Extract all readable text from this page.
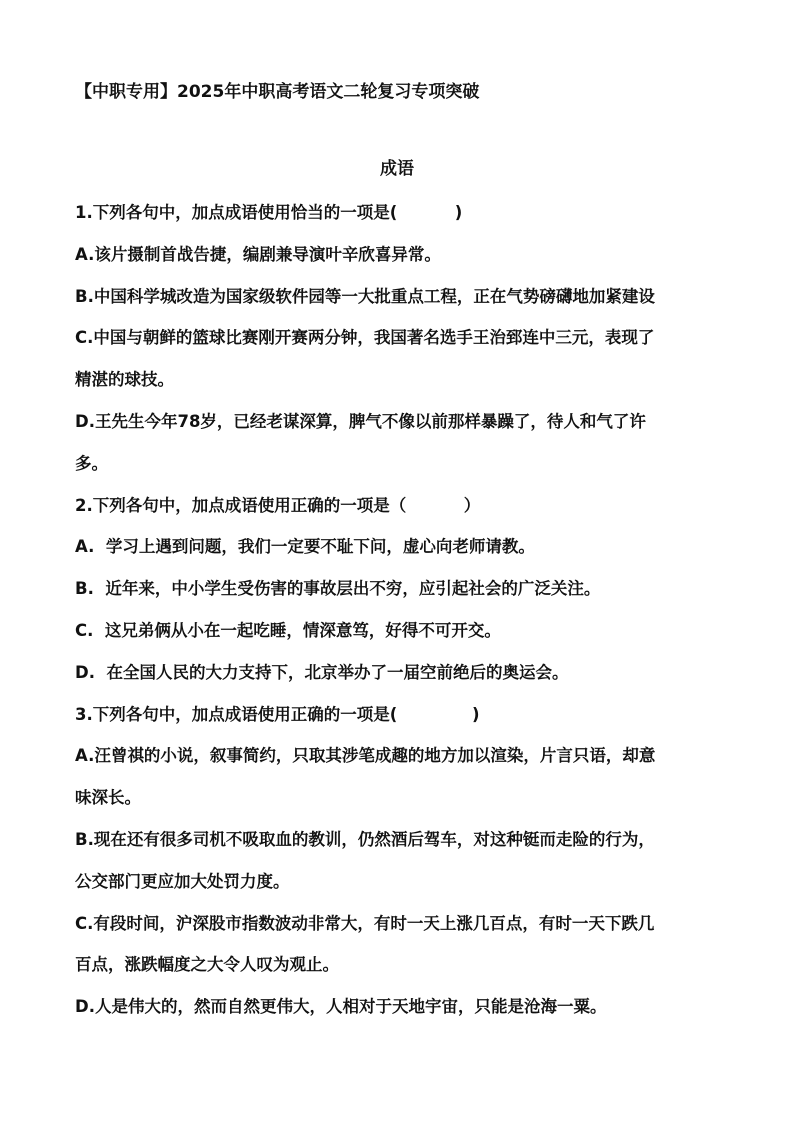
【中职专用】2025年中职高考语文二轮复习专项突破
成语
1.下列各句中，加点成语使用恰当的一项是(          )
A.该片摄制首战告捷，编剧兼导演叶辛欣喜异常。
B.中国科学城改造为国家级软件园等一大批重点工程，正在气势磅礴地加紧建设
C.中国与朝鲜的篮球比赛刚开赛两分钟，我国著名选手王治郅连中三元，表现了
精湛的球技。
D.王先生今年78岁，已经老谋深算，脾气不像以前那样暴躁了，待人和气了许
多。
2.下列各句中，加点成语使用正确的一项是（          ）
A.  学习上遇到问题，我们一定要不耻下问，虚心向老师请教。
B.  近年来，中小学生受伤害的事故层出不穷，应引起社会的广泛关注。
C.  这兄弟俩从小在一起吃睡，情深意笃，好得不可开交。
D.  在全国人民的大力支持下，北京举办了一届空前绝后的奥运会。
3.下列各句中，加点成语使用正确的一项是(             )
A.汪曾祺的小说，叙事简约，只取其涉笔成趣的地方加以渲染，片言只语，却意
味深长。
B.现在还有很多司机不吸取血的教训，仍然酒后驾车，对这种铤而走险的行为，
公交部门更应加大处罚力度。
C.有段时间，沪深股市指数波动非常大，有时一天上涨几百点，有时一天下跌几
百点，涨跌幅度之大令人叹为观止。
D.人是伟大的，然而自然更伟大，人相对于天地宇宙，只能是沧海一粟。
